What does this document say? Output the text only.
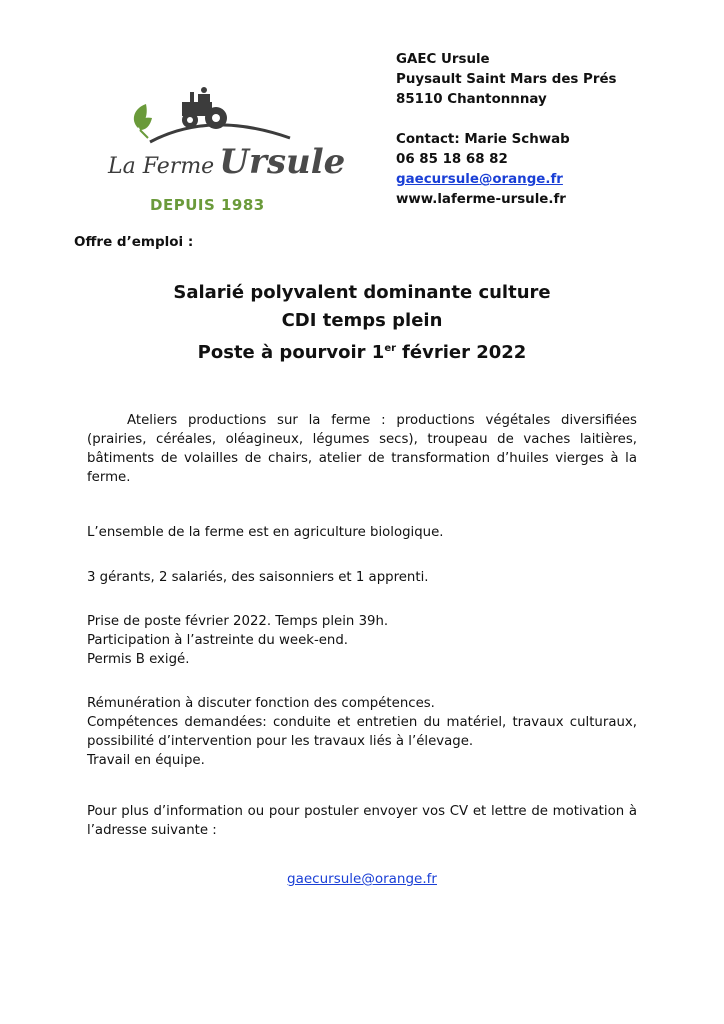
La Ferme Ursule
DEPUIS 1983
GAEC Ursule
Puysault Saint Mars des Prés
85110 Chantonnnay
Contact: Marie Schwab
06 85 18 68 82
gaecursule@orange.fr
www.laferme-ursule.fr
Offre d’emploi :
Salarié polyvalent dominante culture
CDI temps plein
Poste à pourvoir 1er février 2022
Ateliers productions sur la ferme : productions végétales diversifiées (prairies, céréales, oléagineux, légumes secs), troupeau de vaches laitières, bâtiments de volailles de chairs, atelier de transformation d’huiles vierges à la ferme.
L’ensemble de la ferme est en agriculture biologique.
3 gérants, 2 salariés, des saisonniers et 1 apprenti.
Prise de poste février 2022. Temps plein 39h.
Participation à l’astreinte du week-end.
Permis B exigé.
Rémunération à discuter fonction des compétences.
Compétences demandées: conduite et entretien du matériel, travaux culturaux, possibilité d’intervention pour les travaux liés à l’élevage.
Travail en équipe.
Pour plus d’information ou pour postuler envoyer vos CV et lettre de motivation à l’adresse suivante :
gaecursule@orange.fr
